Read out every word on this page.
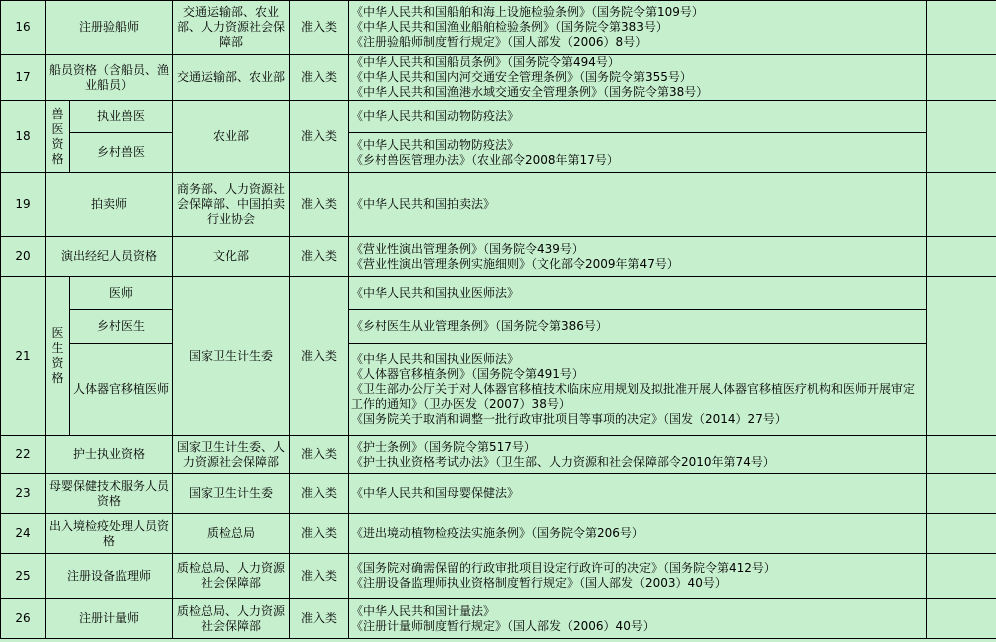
16	注册验船师		交通运输部、农业部、人力资源社会保障部	准入类	《中华人民共和国船舶和海上设施检验条例》（国务院令第109号）
《中华人民共和国渔业船舶检验条例》（国务院令第383号）
《注册验船师制度暂行规定》（国人部发（2006）8号）	

17	船员资格（含船员、渔业船员）		交通运输部、农业部	准入类	《中华人民共和国船员条例》（国务院令第494号）
《中华人民共和国内河交通安全管理条例》（国务院令第355号）
《中华人民共和国渔港水域交通安全管理条例》（国务院令第38号）	

18	兽
医
资
格	执业兽医	农业部	准入类	《中华人民共和国动物防疫法》	

		乡村兽医			《中华人民共和国动物防疫法》
《乡村兽医管理办法》（农业部令2008年第17号）	

19	拍卖师		商务部、人力资源社会保障部、中国拍卖行业协会	准入类	《中华人民共和国拍卖法》	

20	演出经纪人员资格		文化部	准入类	《营业性演出管理条例》（国务院令439号）
《营业性演出管理条例实施细则》（文化部令2009年第47号）	

21	医
生
资
格	医师	国家卫生计生委	准入类	《中华人民共和国执业医师法》	

		乡村医生			《乡村医生从业管理条例》（国务院令第386号）	

		人体器官移植医师			《中华人民共和国执业医师法》
《人体器官移植条例》（国务院令第491号）
《卫生部办公厅关于对人体器官移植技术临床应用规划及拟批准开展人体器官移植医疗机构和医师开展审定工作的通知》（卫办医发（2007）38号）
《国务院关于取消和调整一批行政审批项目等事项的决定》（国发（2014）27号）	

22	护士执业资格		国家卫生计生委、人力资源社会保障部	准入类	《护士条例》（国务院令第517号）
《护士执业资格考试办法》（卫生部、人力资源和社会保障部令2010年第74号）	

23	母婴保健技术服务人员资格		国家卫生计生委	准入类	《中华人民共和国母婴保健法》	

24	出入境检疫处理人员资格		质检总局	准入类	《进出境动植物检疫法实施条例》（国务院令第206号）	

25	注册设备监理师		质检总局、人力资源社会保障部	准入类	《国务院对确需保留的行政审批项目设定行政许可的决定》（国务院令第412号）
《注册设备监理师执业资格制度暂行规定》（国人部发（2003）40号）	

26	注册计量师		质检总局、人力资源社会保障部	准入类	《中华人民共和国计量法》
《注册计量师制度暂行规定》（国人部发（2006）40号）	
